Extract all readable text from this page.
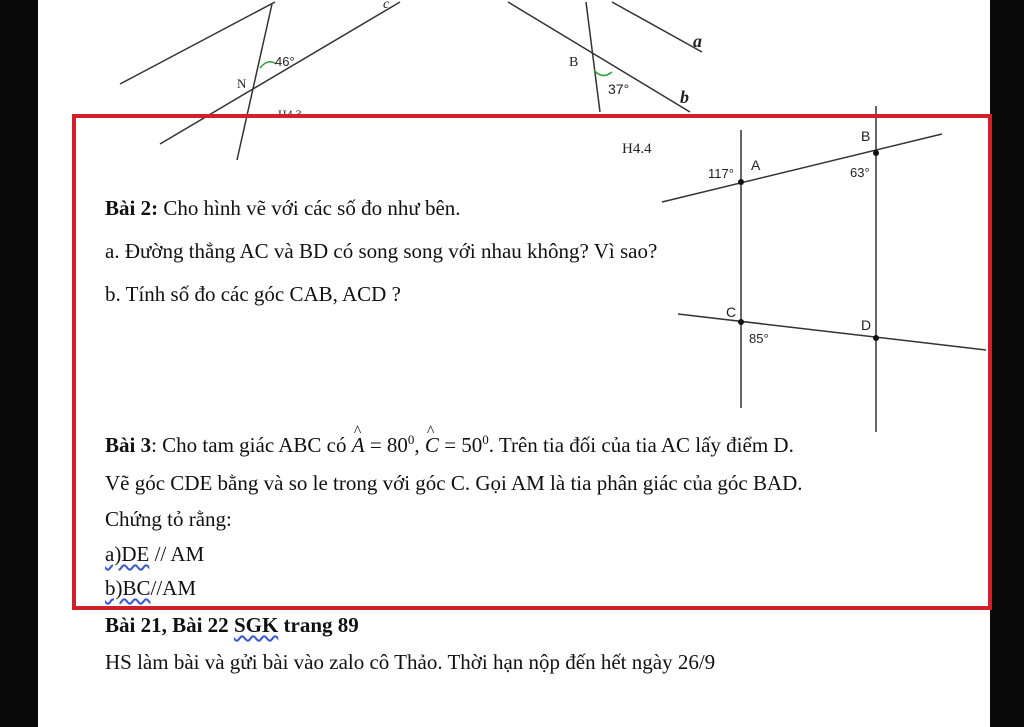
46°
N
c
H4.3
B
37°
a
b
H4.4
117°
A
B
63°
C
85°
D
Bài 2: Cho hình vẽ với các số đo như bên.
a. Đường thẳng AC và BD có song song với nhau không? Vì sao?
b. Tính số đo các góc CAB, ACD ?
Bài 3: Cho tam giác ABC có ^ $A = 80^0$, ^ $C = 50^0$. Trên tia đối của tia AC lấy điểm D.
Vẽ góc CDE bằng và so le trong với góc C. Gọi AM là tia phân giác của góc BAD.
Chứng tỏ rằng:
a)DE // AM
b)BC//AM
Bài 21, Bài 22 SGK trang 89
HS làm bài và gửi bài vào zalo cô Thảo. Thời hạn nộp đến hết ngày 26/9
